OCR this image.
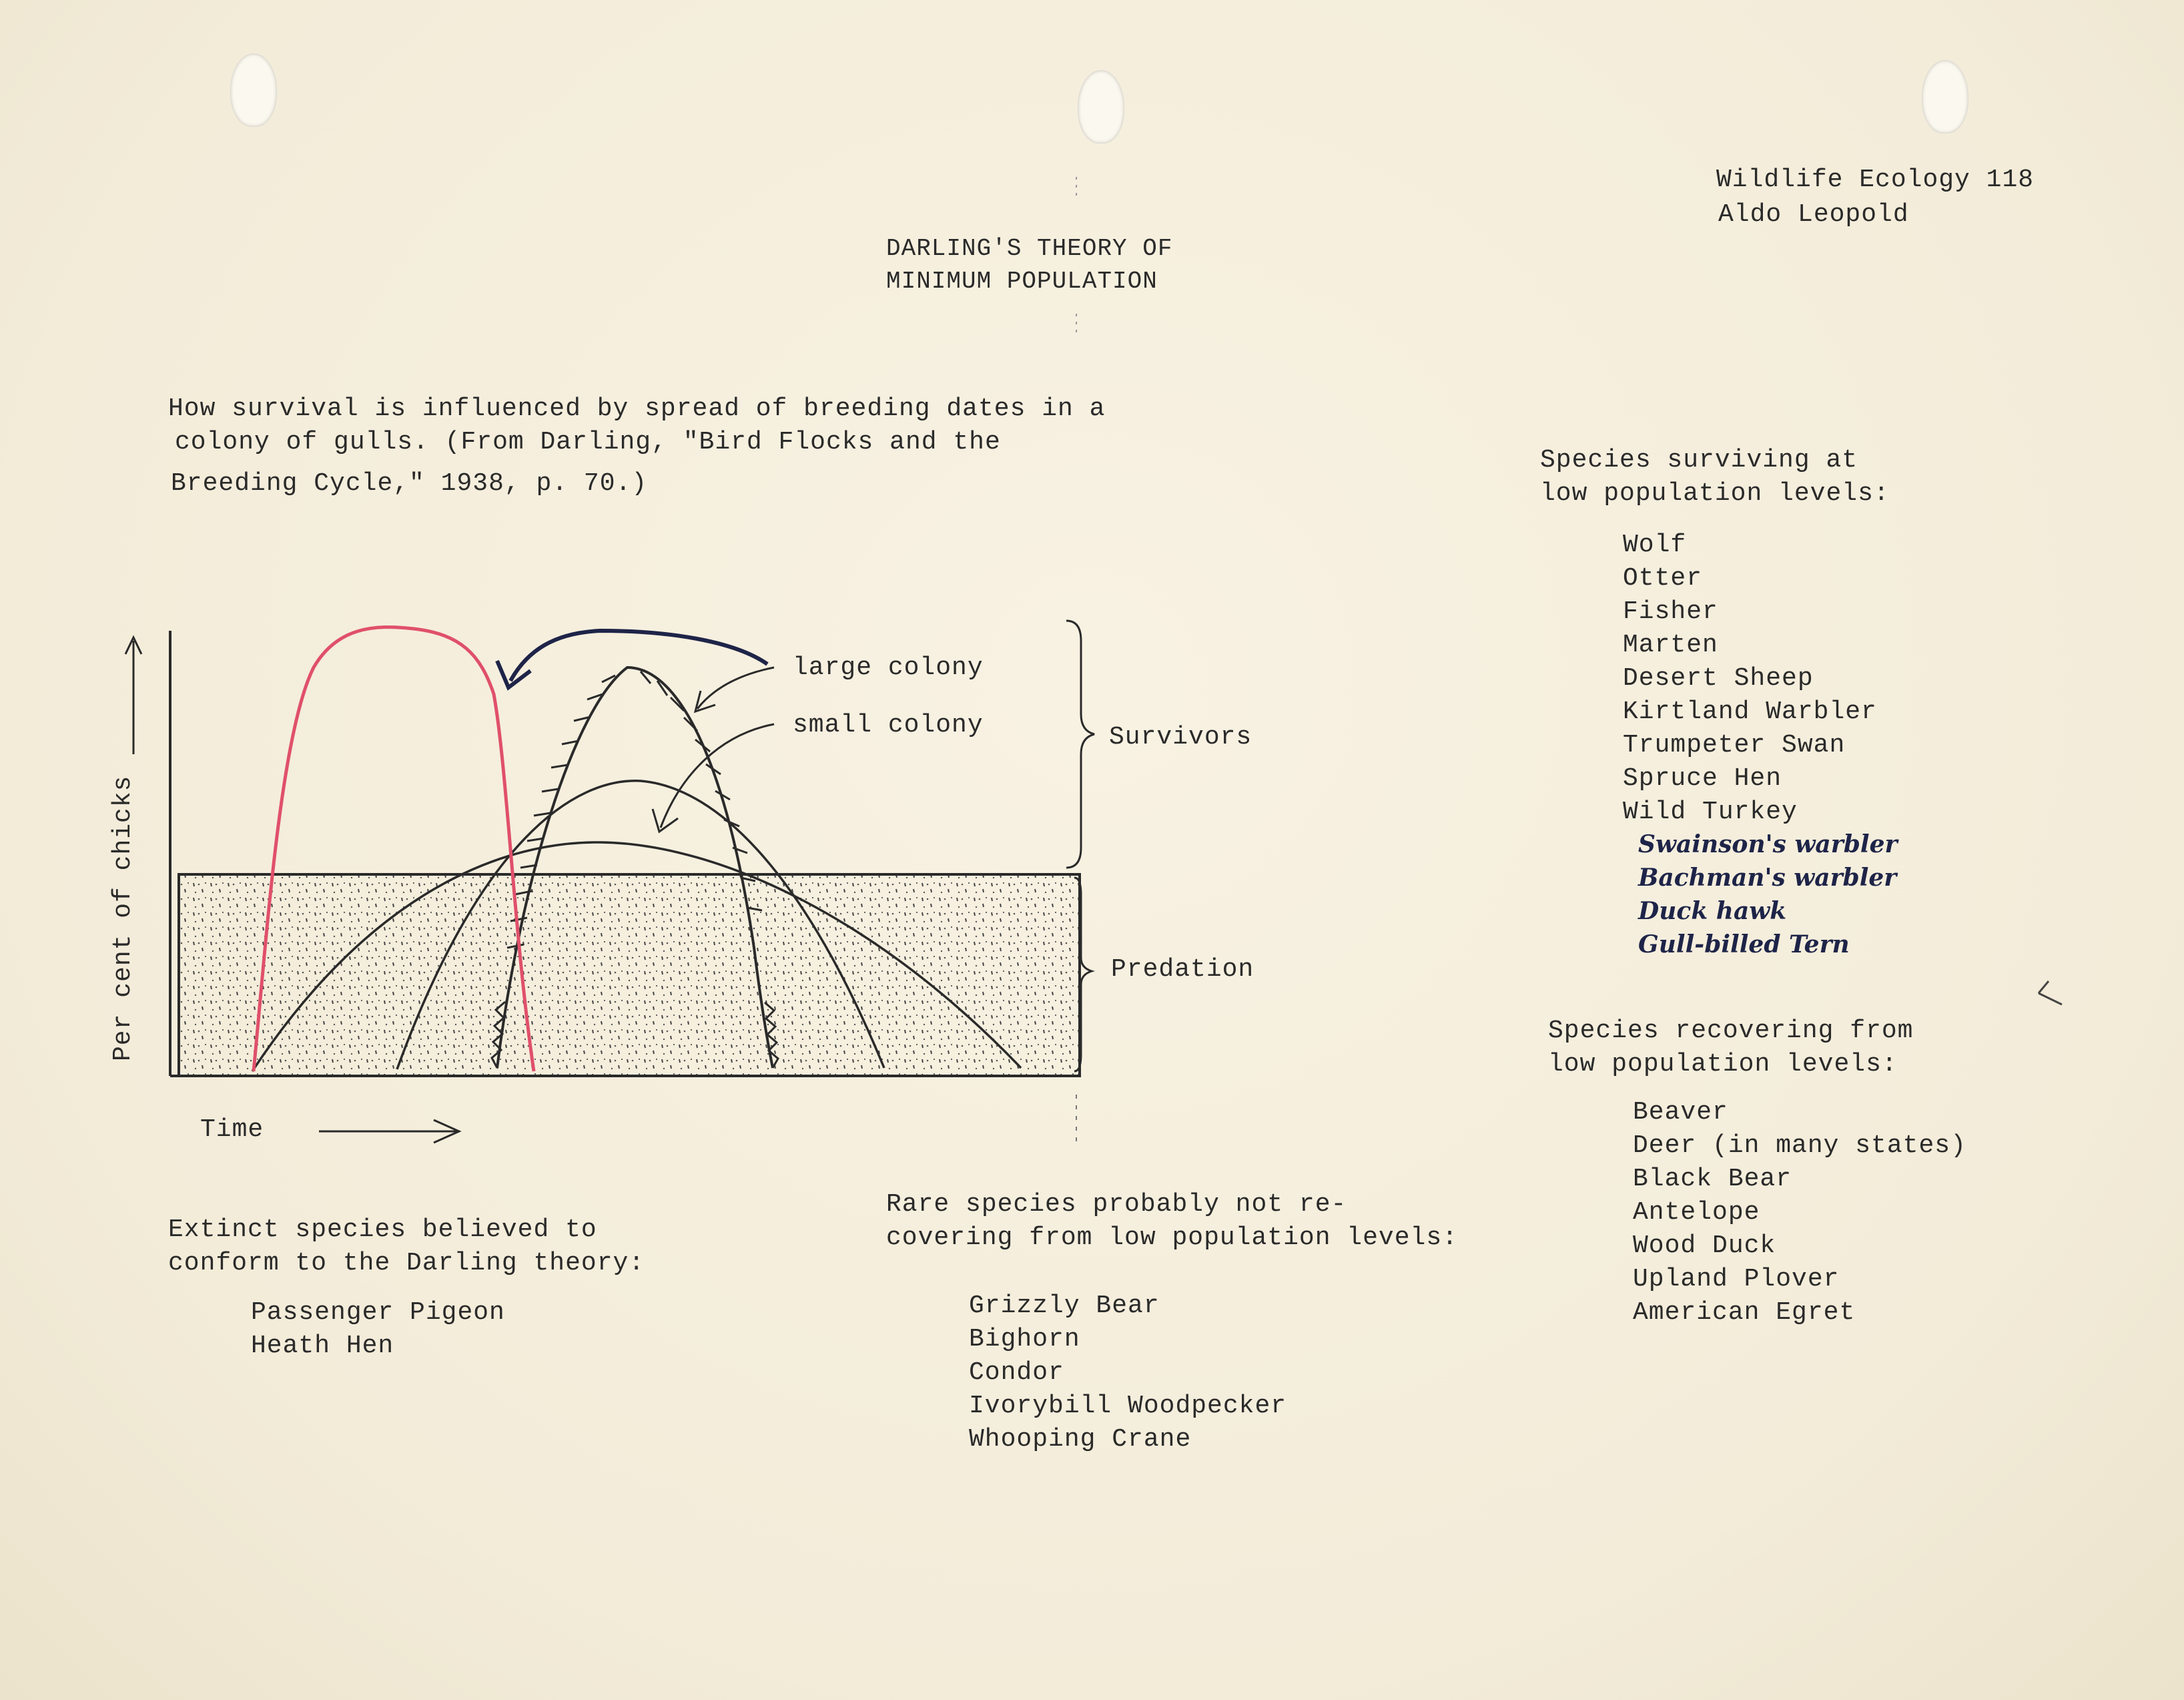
Wildlife Ecology 118
Aldo Leopold
DARLING'S THEORY OF
MINIMUM POPULATION
How survival is influenced by spread of breeding dates in a
colony of gulls. (From Darling, "Bird Flocks and the
Breeding Cycle," 1938, p. 70.)
Per cent of chicks
Time
large colony
small colony	Survivors
Predation
Species surviving at
low population levels:
Wolf
Otter
Fisher
Marten
Desert Sheep
Kirtland Warbler
Trumpeter Swan
Spruce Hen
Wild Turkey
Swainson's warbler
Bachman's warbler
Duck hawk
Gull-billed Tern
Species recovering from
low population levels:
Beaver
Deer (in many states)
Black Bear
Antelope
Wood Duck
Upland Plover
American Egret
Extinct species believed to
conform to the Darling theory:
Passenger Pigeon
Heath Hen
Rare species probably not re-
covering from low population levels:
Grizzly Bear
Bighorn
Condor
Ivorybill Woodpecker
Whooping Crane
